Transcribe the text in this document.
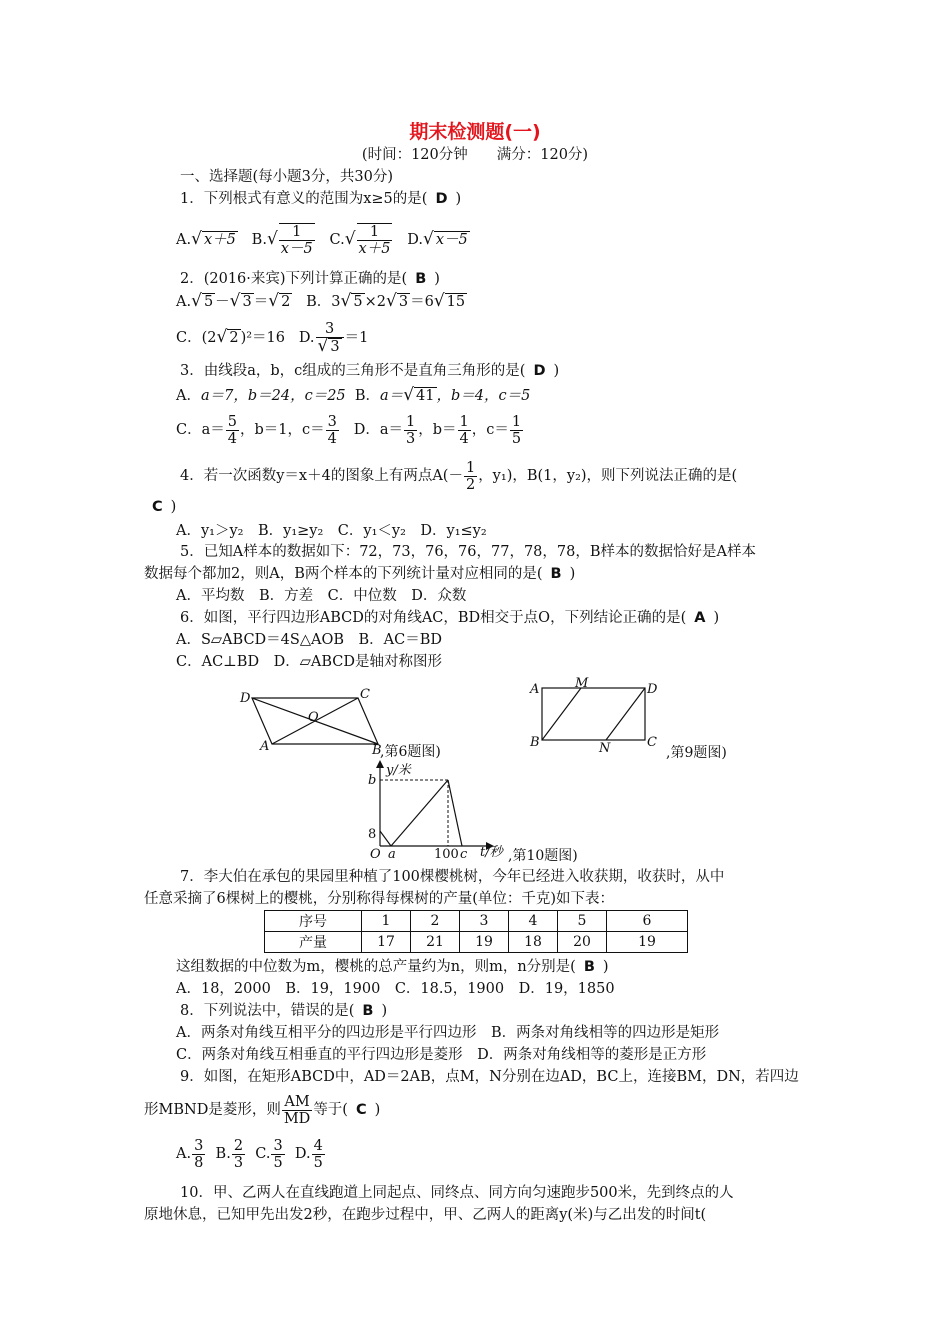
期末检测题(一)
(时间：120分钟　　满分：120分)
一、选择题(每小题3分，共30分)
1．下列根式有意义的范围为x≥5的是( D )
A.√ x＋5 $B.√ \frac{1}{x-5} C.√ \frac{1}{x+5} D.√$ x－5
2．(2016·来宾)下列计算正确的是( B )
A.√ 5 －√ 3 ＝√ 2 B．3√ 5 ×2√ 3 ＝6√ 15
C．(2√ 2 )²＝16 D. $\frac{3}{√ 3} =1$
3．由线段a，b，c组成的三角形不是直角三角形的是( D )
A．a＝7，b＝24，c＝25 B．a＝√ 41 ，b＝4，c＝5
C．$a= \frac{5}{4}$ ，b＝1，$c= \frac{3}{4}$ D．$a= \frac{1}{3}$ ，$b= \frac{1}{4}$ ，$c= \frac{1}{5}$
4．若一次函数y＝x＋4的图象上有两点$A(- \frac{1}{2}$ ，y₁)，B(1，y₂)，则下列说法正确的是(
C )
A．y₁＞y₂　B．y₁≥y₂　C．y₁＜y₂　D．y₁≤y₂
5．已知A样本的数据如下：72，73，76，76，77，78，78，B样本的数据恰好是A样本
数据每个都加2，则A，B两个样本的下列统计量对应相同的是( B )
A．平均数　B．方差　C．中位数　D．众数
6．如图，平行四边形ABCD的对角线AC，BD相交于点O，下列结论正确的是( A )
A．S▱ABCD＝4S△AOB　B．AC＝BD
C．AC⊥BD　D．▱ABCD是轴对称图形
D	C
A	B
O
,第6题图)
A	M	D
B	N	C
,第9题图)
y/米
b
8
O a	100 c t/秒 ,第10题图)
7．李大伯在承包的果园里种植了100棵樱桃树，今年已经进入收获期，收获时，从中
任意采摘了6棵树上的樱桃，分别称得每棵树的产量(单位：千克)如下表：
序号	1	2	3	4	5	6
产量	17	21	19	18	20	19
这组数据的中位数为m，樱桃的总产量约为n，则m，n分别是( B )
A．18，2000　B．19，1900　C．18.5，1900　D．19，1850
8．下列说法中，错误的是( B )
A．两条对角线互相平分的四边形是平行四边形　B．两条对角线相等的四边形是矩形
C．两条对角线互相垂直的平行四边形是菱形　D．两条对角线相等的菱形是正方形
9．如图，在矩形ABCD中，AD＝2AB，点M，N分别在边AD，BC上，连接BM，DN，若四边
形MBND是菱形，则 $\frac{AM}{MD}$ 等于( C )
A. $\frac{3}{8} B$. $\frac{2}{3} C$. $\frac{3}{5} D$. $\frac{4}{5}$
10．甲、乙两人在直线跑道上同起点、同终点、同方向匀速跑步500米，先到终点的人
原地休息，已知甲先出发2秒，在跑步过程中，甲、乙两人的距离y(米)与乙出发的时间t(
